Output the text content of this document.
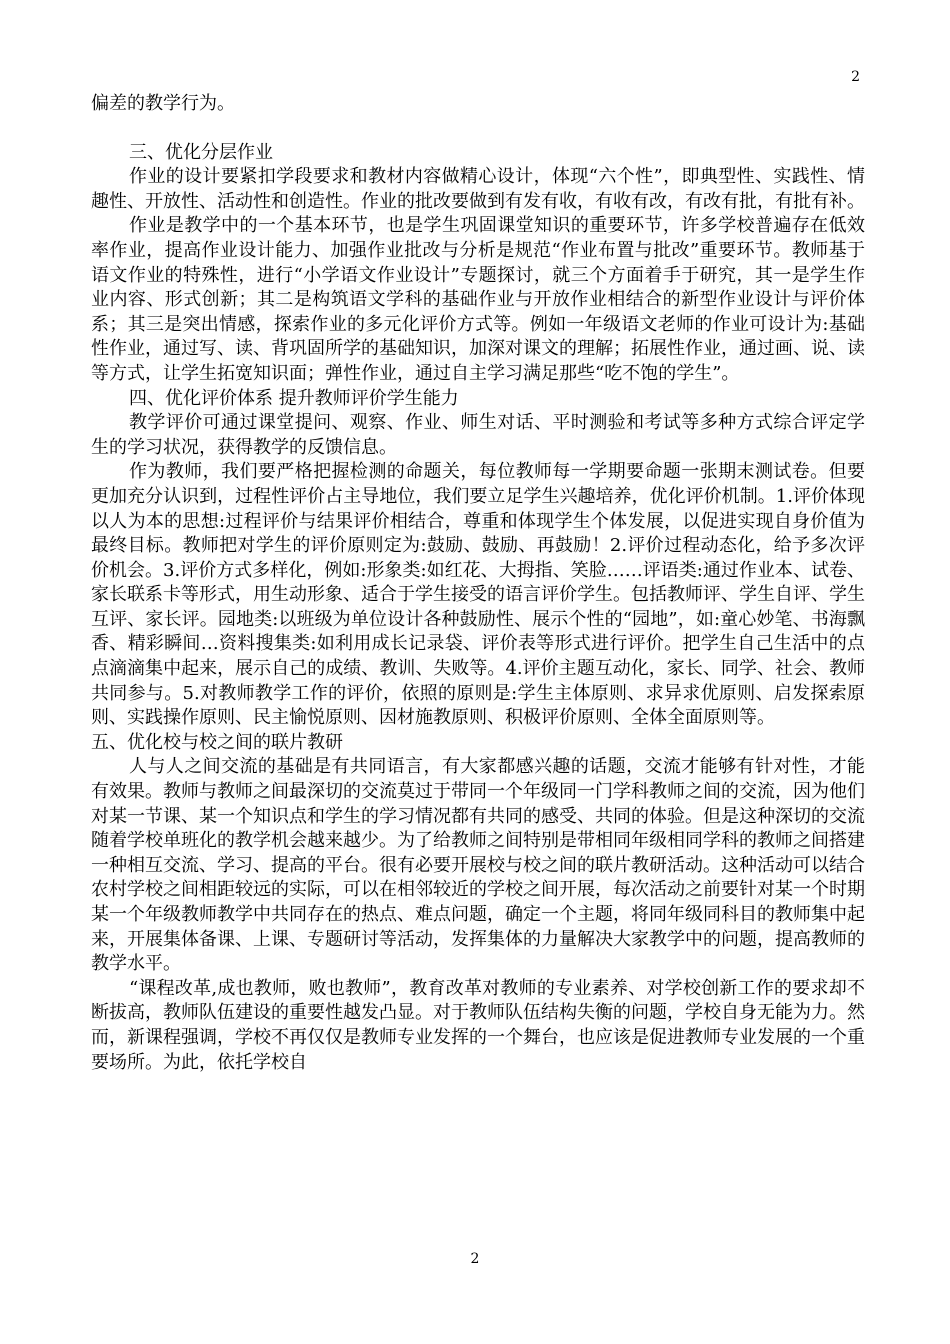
2

偏差的教学行为。

三、优化分层作业

作业的设计要紧扣学段要求和教材内容做精心设计，体现“六个性”，即典型性、实践性、情趣性、开放性、活动性和创造性。作业的批改要做到有发有收，有收有改，有改有批，有批有补。

作业是教学中的一个基本环节，也是学生巩固课堂知识的重要环节，许多学校普遍存在低效率作业，提高作业设计能力、加强作业批改与分析是规范“作业布置与批改”重要环节。教师基于语文作业的特殊性，进行“小学语文作业设计”专题探讨，就三个方面着手于研究，其一是学生作业内容、形式创新；其二是构筑语文学科的基础作业与开放作业相结合的新型作业设计与评价体系；其三是突出情感，探索作业的多元化评价方式等。例如一年级语文老师的作业可设计为:基础性作业，通过写、读、背巩固所学的基础知识，加深对课文的理解；拓展性作业，通过画、说、读等方式，让学生拓宽知识面；弹性作业，通过自主学习满足那些“吃不饱的学生”。

四、优化评价体系 提升教师评价学生能力

教学评价可通过课堂提问、观察、作业、师生对话、平时测验和考试等多种方式综合评定学生的学习状况，获得教学的反馈信息。

作为教师，我们要严格把握检测的命题关，每位教师每一学期要命题一张期末测试卷。但要更加充分认识到，过程性评价占主导地位，我们要立足学生兴趣培养，优化评价机制。1.评价体现以人为本的思想:过程评价与结果评价相结合，尊重和体现学生个体发展，以促进实现自身价值为最终目标。教师把对学生的评价原则定为:鼓励、鼓励、再鼓励！2.评价过程动态化，给予多次评价机会。3.评价方式多样化，例如:形象类:如红花、大拇指、笑脸……评语类:通过作业本、试卷、家长联系卡等形式，用生动形象、适合于学生接受的语言评价学生。包括教师评、学生自评、学生互评、家长评。园地类:以班级为单位设计各种鼓励性、展示个性的“园地”，如:童心妙笔、书海飘香、精彩瞬间…资料搜集类:如利用成长记录袋、评价表等形式进行评价。把学生自己生活中的点点滴滴集中起来，展示自己的成绩、教训、失败等。4.评价主题互动化，家长、同学、社会、教师共同参与。5.对教师教学工作的评价，依照的原则是:学生主体原则、求异求优原则、启发探索原则、实践操作原则、民主愉悦原则、因材施教原则、积极评价原则、全体全面原则等。

五、优化校与校之间的联片教研

人与人之间交流的基础是有共同语言，有大家都感兴趣的话题，交流才能够有针对性，才能有效果。教师与教师之间最深切的交流莫过于带同一个年级同一门学科教师之间的交流，因为他们对某一节课、某一个知识点和学生的学习情况都有共同的感受、共同的体验。但是这种深切的交流随着学校单班化的教学机会越来越少。为了给教师之间特别是带相同年级相同学科的教师之间搭建一种相互交流、学习、提高的平台。很有必要开展校与校之间的联片教研活动。这种活动可以结合农村学校之间相距较远的实际，可以在相邻较近的学校之间开展，每次活动之前要针对某一个时期某一个年级教师教学中共同存在的热点、难点问题，确定一个主题，将同年级同科目的教师集中起来，开展集体备课、上课、专题研讨等活动，发挥集体的力量解决大家教学中的问题，提高教师的教学水平。

“课程改革,成也教师，败也教师”，教育改革对教师的专业素养、对学校创新工作的要求却不断拔高，教师队伍建设的重要性越发凸显。对于教师队伍结构失衡的问题，学校自身无能为力。然而，新课程强调，学校不再仅仅是教师专业发挥的一个舞台，也应该是促进教师专业发展的一个重要场所。为此，依托学校自

2
